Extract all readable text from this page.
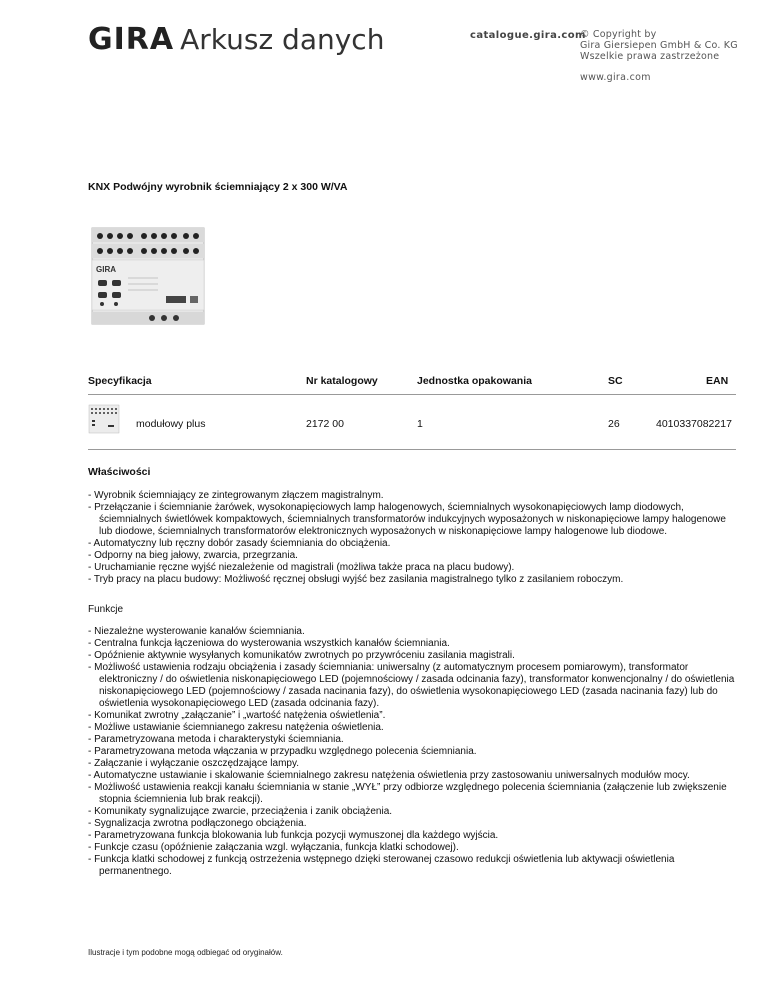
GIRA Arkusz danych	catalogue.gira.com
© Copyright by
Gira Giersiepen GmbH & Co. KG
Wszelkie prawa zastrzeżone
www.gira.com
KNX Podwójny wyrobnik ściemniający 2 x 300 W/VA
GIRA
Specyfikacja	Nr katalogowy	Jednostka opakowania	SC	EAN
modułowy plus	2172 00	1	26	4010337082217
Właściwości
- Wyrobnik ściemniający ze zintegrowanym złączem magistralnym.
- Przełączanie i ściemnianie żarówek, wysokonapięciowych lamp halogenowych, ściemnialnych wysokonapięciowych lamp diodowych, ściemnialnych świetlówek kompaktowych, ściemnialnych transformatorów indukcyjnych wyposażonych w niskonapięciowe lampy halogenowe lub diodowe, ściemnialnych transformatorów elektronicznych wyposażonych w niskonapięciowe lampy halogenowe lub diodowe.
- Automatyczny lub ręczny dobór zasady ściemniania do obciążenia.
- Odporny na bieg jałowy, zwarcia, przegrzania.
- Uruchamianie ręczne wyjść niezależenie od magistrali (możliwa także praca na placu budowy).
- Tryb pracy na placu budowy: Możliwość ręcznej obsługi wyjść bez zasilania magistralnego tylko z zasilaniem roboczym.
Funkcje
- Niezależne wysterowanie kanałów ściemniania.
- Centralna funkcja łączeniowa do wysterowania wszystkich kanałów ściemniania.
- Opóźnienie aktywnie wysyłanych komunikatów zwrotnych po przywróceniu zasilania magistrali.
- Możliwość ustawienia rodzaju obciążenia i zasady ściemniania: uniwersalny (z automatycznym procesem pomiarowym), transformator elektroniczny / do oświetlenia niskonapięciowego LED (pojemnościowy / zasada odcinania fazy), transformator konwencjonalny / do oświetlenia niskonapięciowego LED (pojemnościowy / zasada nacinania fazy), do oświetlenia wysokonapięciowego LED (zasada nacinania fazy) lub do oświetlenia wysokonapięciowego LED (zasada odcinania fazy).
- Komunikat zwrotny „załączanie” i „wartość natężenia oświetlenia”.
- Możliwe ustawianie ściemnianego zakresu natężenia oświetlenia.
- Parametryzowana metoda i charakterystyki ściemniania.
- Parametryzowana metoda włączania w przypadku względnego polecenia ściemniania.
- Załączanie i wyłączanie oszczędzające lampy.
- Automatyczne ustawianie i skalowanie ściemnialnego zakresu natężenia oświetlenia przy zastosowaniu uniwersalnych modułów mocy.
- Możliwość ustawienia reakcji kanału ściemniania w stanie „WYŁ” przy odbiorze względnego polecenia ściemniania (załączenie lub zwiększenie stopnia ściemnienia lub brak reakcji).
- Komunikaty sygnalizujące zwarcie, przeciążenia i zanik obciążenia.
- Sygnalizacja zwrotna podłączonego obciążenia.
- Parametryzowana funkcja blokowania lub funkcja pozycji wymuszonej dla każdego wyjścia.
- Funkcje czasu (opóźnienie załączania wzgl. wyłączania, funkcja klatki schodowej).
- Funkcja klatki schodowej z funkcją ostrzeżenia wstępnego dzięki sterowanej czasowo redukcji oświetlenia lub aktywacji oświetlenia permanentnego.
Ilustracje i tym podobne mogą odbiegać od oryginałów.
